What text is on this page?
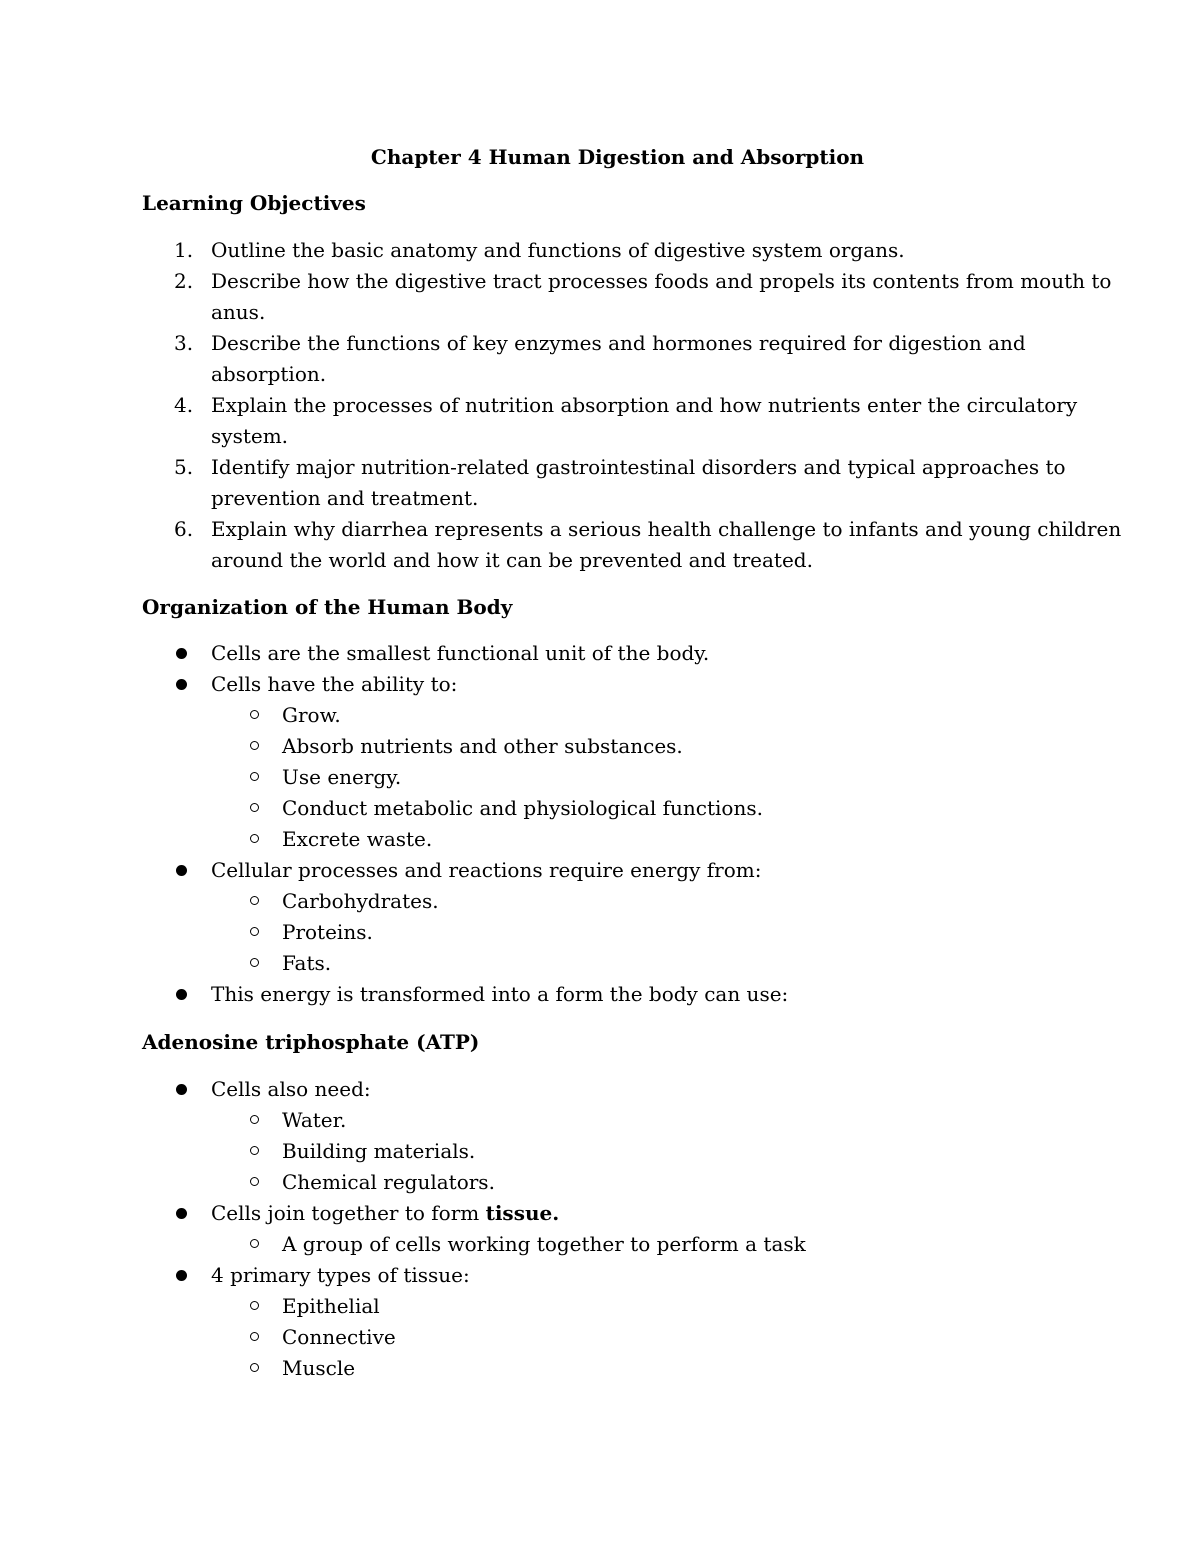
Chapter 4 Human Digestion and Absorption
Learning Objectives
1. Outline the basic anatomy and functions of digestive system organs.
2. Describe how the digestive tract processes foods and propels its contents from mouth to
anus.
3. Describe the functions of key enzymes and hormones required for digestion and
absorption.
4. Explain the processes of nutrition absorption and how nutrients enter the circulatory
system.
5. Identify major nutrition-related gastrointestinal disorders and typical approaches to
prevention and treatment.
6. Explain why diarrhea represents a serious health challenge to infants and young children
around the world and how it can be prevented and treated.
Organization of the Human Body
Cells are the smallest functional unit of the body.
Cells have the ability to:
Grow.
Absorb nutrients and other substances.
Use energy.
Conduct metabolic and physiological functions.
Excrete waste.
Cellular processes and reactions require energy from:
Carbohydrates.
Proteins.
Fats.
This energy is transformed into a form the body can use:
Adenosine triphosphate (ATP)
Cells also need:
Water.
Building materials.
Chemical regulators.
Cells join together to form tissue.
A group of cells working together to perform a task
4 primary types of tissue:
Epithelial
Connective
Muscle
